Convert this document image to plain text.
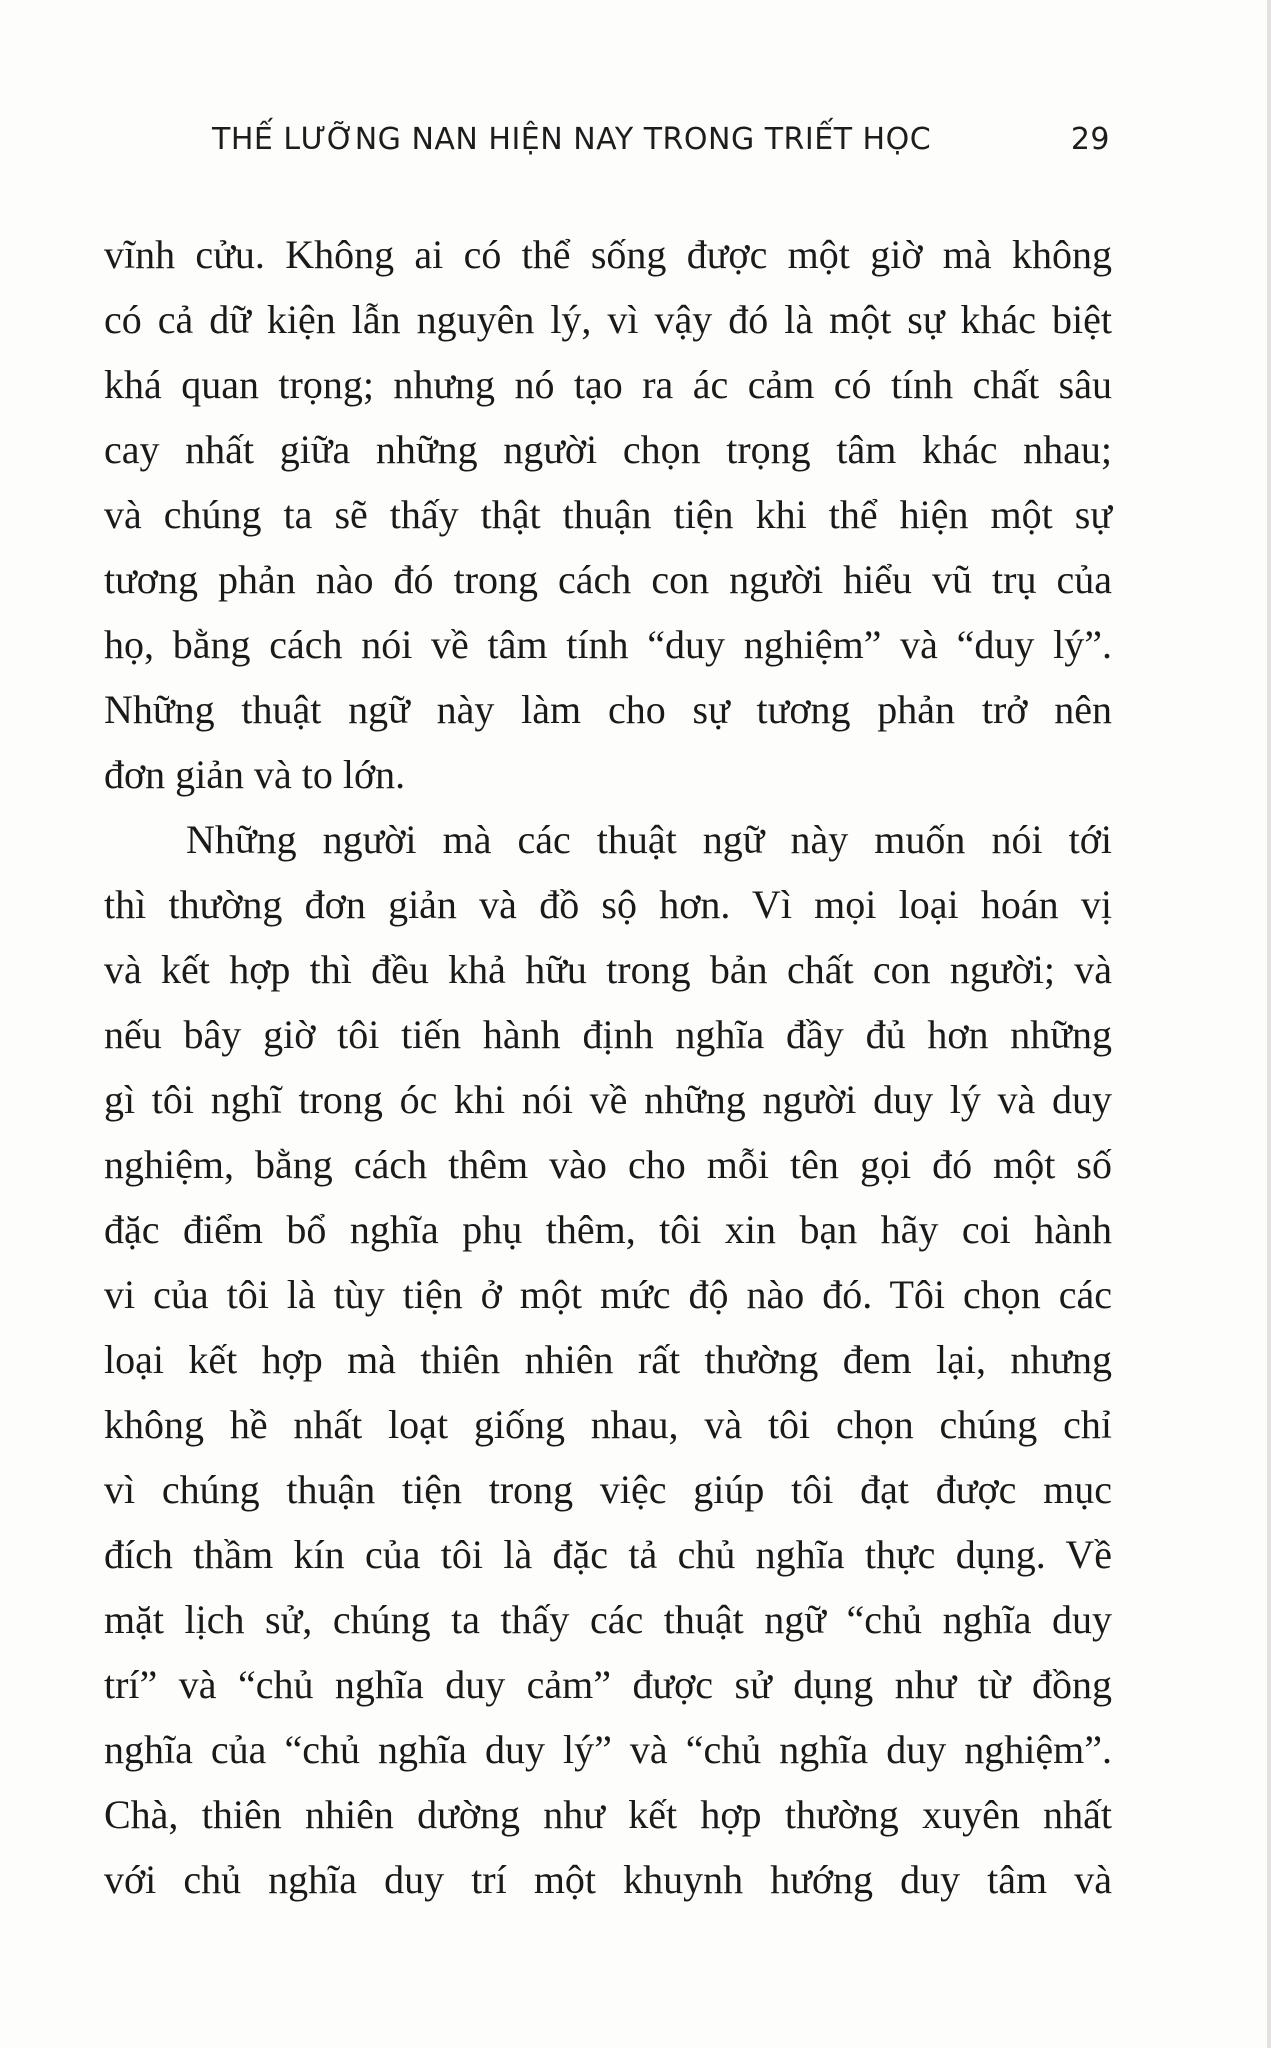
THẾ LƯỠNG NAN HIỆN NAY TRONG TRIẾT HỌC	29
vĩnh cửu. Không ai có thể sống được một giờ mà không
có cả dữ kiện lẫn nguyên lý, vì vậy đó là một sự khác biệt
khá quan trọng; nhưng nó tạo ra ác cảm có tính chất sâu
cay nhất giữa những người chọn trọng tâm khác nhau;
và chúng ta sẽ thấy thật thuận tiện khi thể hiện một sự
tương phản nào đó trong cách con người hiểu vũ trụ của
họ, bằng cách nói về tâm tính “duy nghiệm” và “duy lý”.
Những thuật ngữ này làm cho sự tương phản trở nên
đơn giản và to lớn.
Những người mà các thuật ngữ này muốn nói tới
thì thường đơn giản và đồ sộ hơn. Vì mọi loại hoán vị
và kết hợp thì đều khả hữu trong bản chất con người; và
nếu bây giờ tôi tiến hành định nghĩa đầy đủ hơn những
gì tôi nghĩ trong óc khi nói về những người duy lý và duy
nghiệm, bằng cách thêm vào cho mỗi tên gọi đó một số
đặc điểm bổ nghĩa phụ thêm, tôi xin bạn hãy coi hành
vi của tôi là tùy tiện ở một mức độ nào đó. Tôi chọn các
loại kết hợp mà thiên nhiên rất thường đem lại, nhưng
không hề nhất loạt giống nhau, và tôi chọn chúng chỉ
vì chúng thuận tiện trong việc giúp tôi đạt được mục
đích thầm kín của tôi là đặc tả chủ nghĩa thực dụng. Về
mặt lịch sử, chúng ta thấy các thuật ngữ “chủ nghĩa duy
trí” và “chủ nghĩa duy cảm” được sử dụng như từ đồng
nghĩa của “chủ nghĩa duy lý” và “chủ nghĩa duy nghiệm”.
Chà, thiên nhiên dường như kết hợp thường xuyên nhất
với chủ nghĩa duy trí một khuynh hướng duy tâm và
